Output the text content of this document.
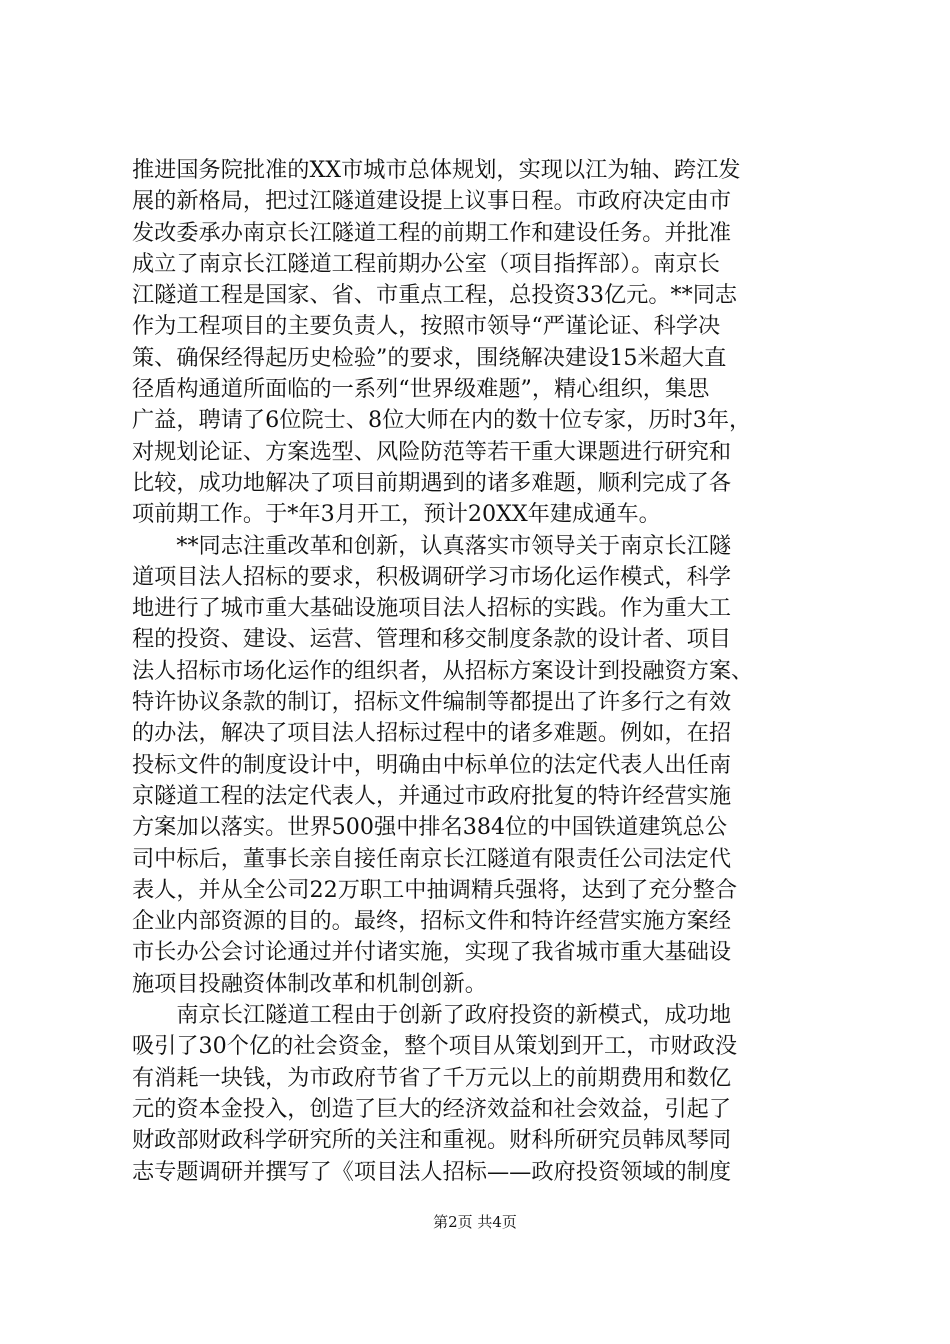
推进国务院批准的XX市城市总体规划，实现以江为轴、跨江发
展的新格局，把过江隧道建设提上议事日程。市政府决定由市
发改委承办南京长江隧道工程的前期工作和建设任务。并批准
成立了南京长江隧道工程前期办公室（项目指挥部）。南京长
江隧道工程是国家、省、市重点工程，总投资33亿元。**同志
作为工程项目的主要负责人，按照市领导“严谨论证、科学决
策、确保经得起历史检验”的要求，围绕解决建设15米超大直
径盾构通道所面临的一系列“世界级难题”，精心组织，集思
广益，聘请了6位院士、8位大师在内的数十位专家，历时3年，
对规划论证、方案选型、风险防范等若干重大课题进行研究和
比较，成功地解决了项目前期遇到的诸多难题，顺利完成了各
项前期工作。于*年3月开工，预计20XX年建成通车。
　　**同志注重改革和创新，认真落实市领导关于南京长江隧
道项目法人招标的要求，积极调研学习市场化运作模式，科学
地进行了城市重大基础设施项目法人招标的实践。作为重大工
程的投资、建设、运营、管理和移交制度条款的设计者、项目
法人招标市场化运作的组织者，从招标方案设计到投融资方案、
特许协议条款的制订，招标文件编制等都提出了许多行之有效
的办法，解决了项目法人招标过程中的诸多难题。例如，在招
投标文件的制度设计中，明确由中标单位的法定代表人出任南
京隧道工程的法定代表人，并通过市政府批复的特许经营实施
方案加以落实。世界500强中排名384位的中国铁道建筑总公
司中标后，董事长亲自接任南京长江隧道有限责任公司法定代
表人，并从全公司22万职工中抽调精兵强将，达到了充分整合
企业内部资源的目的。最终，招标文件和特许经营实施方案经
市长办公会讨论通过并付诸实施，实现了我省城市重大基础设
施项目投融资体制改革和机制创新。
　　南京长江隧道工程由于创新了政府投资的新模式，成功地
吸引了30个亿的社会资金，整个项目从策划到开工，市财政没
有消耗一块钱，为市政府节省了千万元以上的前期费用和数亿
元的资本金投入，创造了巨大的经济效益和社会效益，引起了
财政部财政科学研究所的关注和重视。财科所研究员韩凤琴同
志专题调研并撰写了《项目法人招标——政府投资领域的制度
第2页 共4页
